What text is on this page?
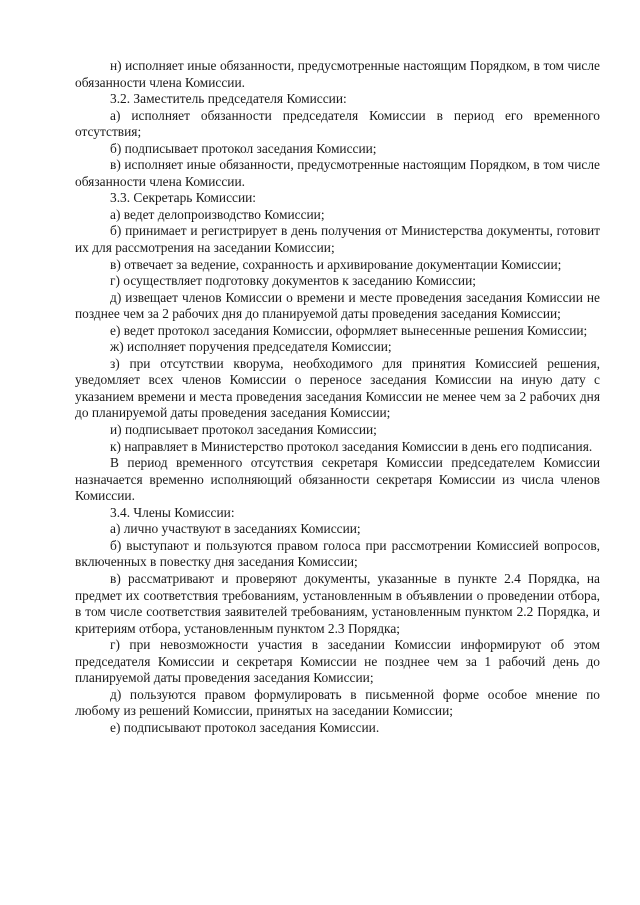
н) исполняет иные обязанности, предусмотренные настоящим Порядком, в том числе обязанности члена Комиссии.

3.2. Заместитель председателя Комиссии:

а) исполняет обязанности председателя Комиссии в период его временного отсутствия;

б) подписывает протокол заседания Комиссии;

в) исполняет иные обязанности, предусмотренные настоящим Порядком, в том числе обязанности члена Комиссии.

3.3. Секретарь Комиссии:

а) ведет делопроизводство Комиссии;

б) принимает и регистрирует в день получения от Министерства документы, готовит их для рассмотрения на заседании Комиссии;

в) отвечает за ведение, сохранность и архивирование документации Комиссии;

г) осуществляет подготовку документов к заседанию Комиссии;

д) извещает членов Комиссии о времени и месте проведения заседания Комиссии не позднее чем за 2 рабочих дня до планируемой даты проведения заседания Комиссии;

е) ведет протокол заседания Комиссии, оформляет вынесенные решения Комиссии;

ж) исполняет поручения председателя Комиссии;

з) при отсутствии кворума, необходимого для принятия Комиссией решения, уведомляет всех членов Комиссии о переносе заседания Комиссии на иную дату с указанием времени и места проведения заседания Комиссии не менее чем за 2 рабочих дня до планируемой даты проведения заседания Комиссии;

и) подписывает протокол заседания Комиссии;

к) направляет в Министерство протокол заседания Комиссии в день его подписания.

В период временного отсутствия секретаря Комиссии председателем Комиссии назначается временно исполняющий обязанности секретаря Комиссии из числа членов Комиссии.

3.4. Члены Комиссии:

а) лично участвуют в заседаниях Комиссии;

б) выступают и пользуются правом голоса при рассмотрении Комиссией вопросов, включенных в повестку дня заседания Комиссии;

в) рассматривают и проверяют документы, указанные в пункте 2.4 Порядка, на предмет их соответствия требованиям, установленным в объявлении о проведении отбора, в том числе соответствия заявителей требованиям, установленным пунктом 2.2 Порядка, и критериям отбора, установленным пунктом 2.3 Порядка;

г) при невозможности участия в заседании Комиссии информируют об этом председателя Комиссии и секретаря Комиссии не позднее чем за 1 рабочий день до планируемой даты проведения заседания Комиссии;

д) пользуются правом формулировать в письменной форме особое мнение по любому из решений Комиссии, принятых на заседании Комиссии;

е) подписывают протокол заседания Комиссии.
